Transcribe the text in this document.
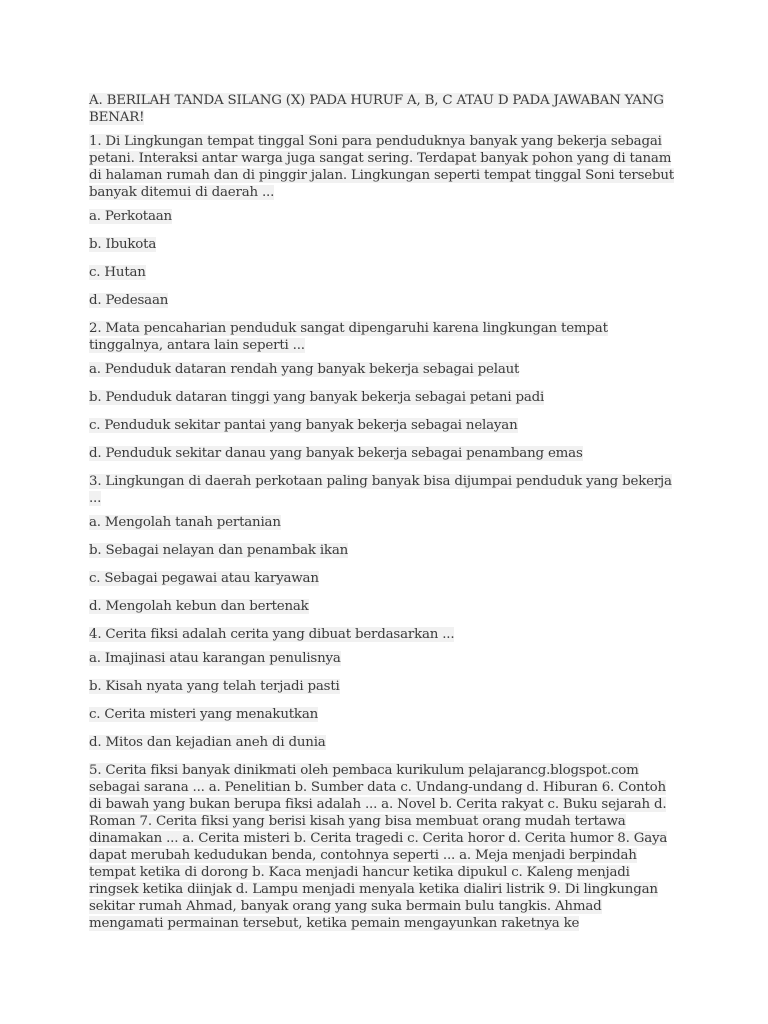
A. BERILAH TANDA SILANG (X) PADA HURUF A, B, C ATAU D PADA JAWABAN YANG BENAR!

1. Di Lingkungan tempat tinggal Soni para penduduknya banyak yang bekerja sebagai petani. Interaksi antar warga juga sangat sering. Terdapat banyak pohon yang di tanam di halaman rumah dan di pinggir jalan. Lingkungan seperti tempat tinggal Soni tersebut banyak ditemui di daerah ...

a. Perkotaan

b. Ibukota

c. Hutan

d. Pedesaan

2. Mata pencaharian penduduk sangat dipengaruhi karena lingkungan tempat tinggalnya, antara lain seperti ...

a. Penduduk dataran rendah yang banyak bekerja sebagai pelaut

b. Penduduk dataran tinggi yang banyak bekerja sebagai petani padi

c. Penduduk sekitar pantai yang banyak bekerja sebagai nelayan

d. Penduduk sekitar danau yang banyak bekerja sebagai penambang emas

3. Lingkungan di daerah perkotaan paling banyak bisa dijumpai penduduk yang bekerja ...

a. Mengolah tanah pertanian

b. Sebagai nelayan dan penambak ikan

c. Sebagai pegawai atau karyawan

d. Mengolah kebun dan bertenak

4. Cerita fiksi adalah cerita yang dibuat berdasarkan ...

a. Imajinasi atau karangan penulisnya

b. Kisah nyata yang telah terjadi pasti

c. Cerita misteri yang menakutkan

d. Mitos dan kejadian aneh di dunia

5. Cerita fiksi banyak dinikmati oleh pembaca kurikulum pelajarancg.blogspot.com sebagai sarana ... a. Penelitian b. Sumber data c. Undang-undang d. Hiburan 6. Contoh di bawah yang bukan berupa fiksi adalah ... a. Novel b. Cerita rakyat c. Buku sejarah d. Roman 7. Cerita fiksi yang berisi kisah yang bisa membuat orang mudah tertawa dinamakan ... a. Cerita misteri b. Cerita tragedi c. Cerita horor d. Cerita humor 8. Gaya dapat merubah kedudukan benda, contohnya seperti ... a. Meja menjadi berpindah tempat ketika di dorong b. Kaca menjadi hancur ketika dipukul c. Kaleng menjadi ringsek ketika diinjak d. Lampu menjadi menyala ketika dialiri listrik 9. Di lingkungan sekitar rumah Ahmad, banyak orang yang suka bermain bulu tangkis. Ahmad mengamati permainan tersebut, ketika pemain mengayunkan raketnya ke
